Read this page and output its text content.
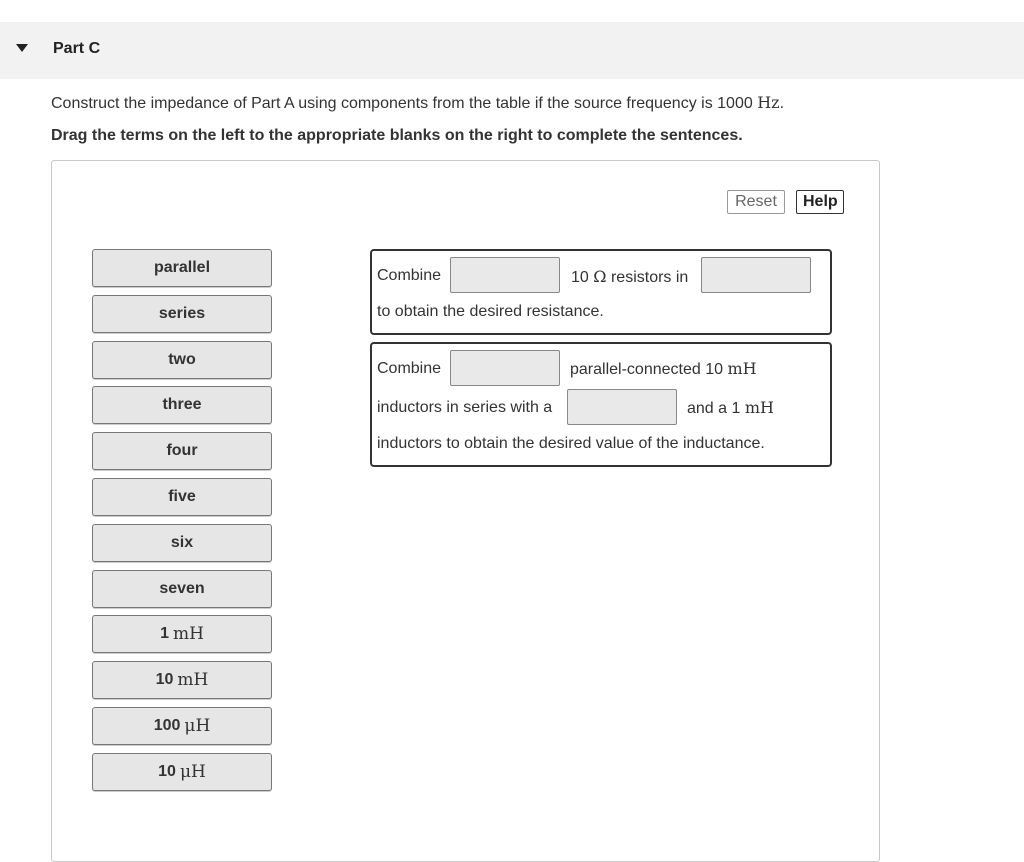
Part C
Construct the impedance of Part A using components from the table if the source frequency is 1000 Hz.
Drag the terms on the left to the appropriate blanks on the right to complete the sentences.
Reset	Help
parallel
series
two
three
four
five
six
seven
1 mH
10 mH
100 μH
10 μH
Combine	10 Ω resistors in
to obtain the desired resistance.
Combine	parallel-connected 10 mH
inductors in series with a	and a 1 mH
inductors to obtain the desired value of the inductance.
